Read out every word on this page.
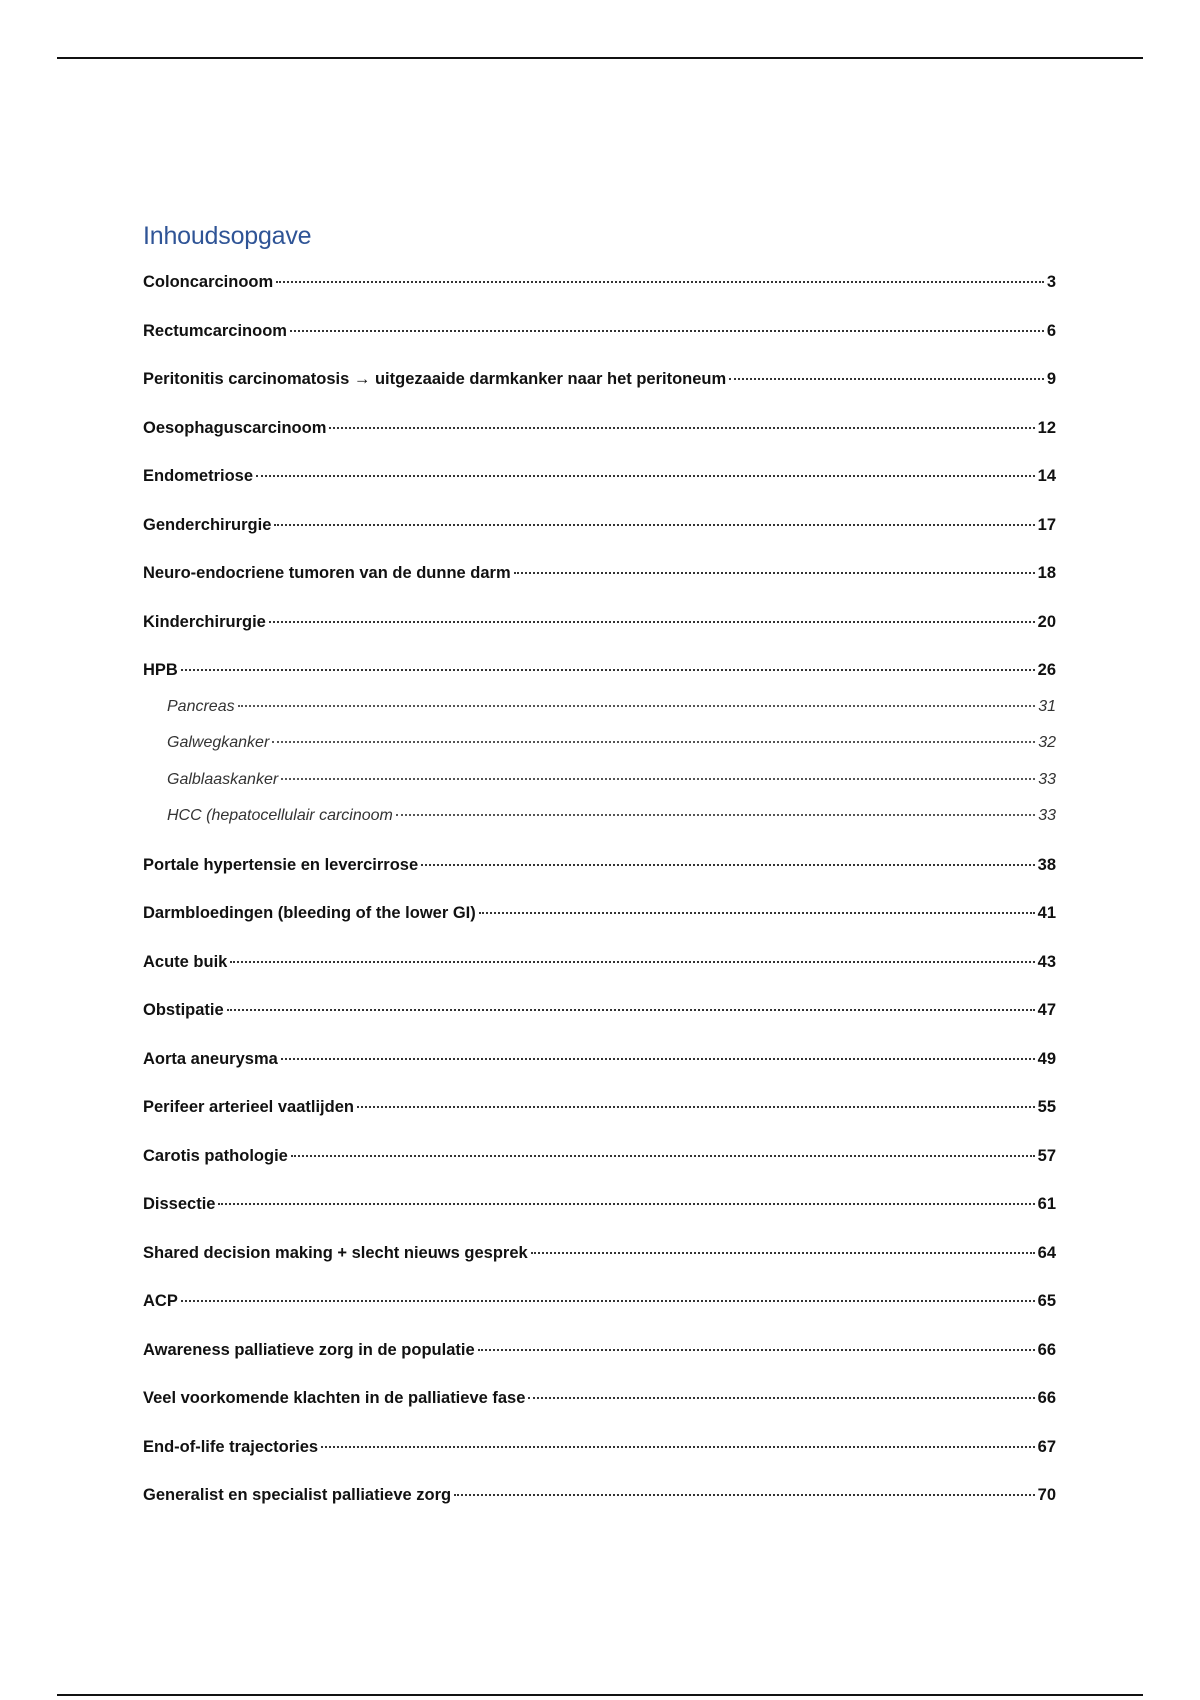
Inhoudsopgave
Coloncarcinoom	3
Rectumcarcinoom	6
Peritonitis carcinomatosis → uitgezaaide darmkanker naar het peritoneum	9
Oesophaguscarcinoom	12
Endometriose	14
Genderchirurgie	17
Neuro-endocriene tumoren van de dunne darm	18
Kinderchirurgie	20
HPB	26
Pancreas	31
Galwegkanker	32
Galblaaskanker	33
HCC (hepatocellulair carcinoom	33
Portale hypertensie en levercirrose	38
Darmbloedingen (bleeding of the lower GI)	41
Acute buik	43
Obstipatie	47
Aorta aneurysma	49
Perifeer arterieel vaatlijden	55
Carotis pathologie	57
Dissectie	61
Shared decision making + slecht nieuws gesprek	64
ACP	65
Awareness palliatieve zorg in de populatie	66
Veel voorkomende klachten in de palliatieve fase	66
End-of-life trajectories	67
Generalist en specialist palliatieve zorg	70
